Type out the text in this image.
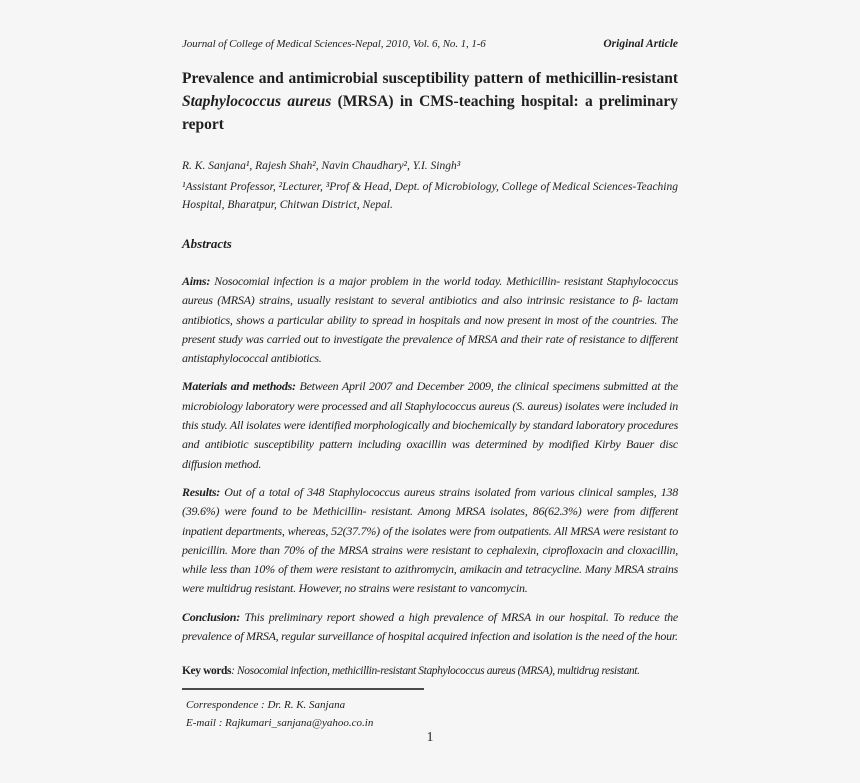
Journal of College of Medical Sciences-Nepal, 2010, Vol. 6, No. 1, 1-6	Original Article
Prevalence and antimicrobial susceptibility pattern of methicillin-resistant
Staphylococcus aureus (MRSA) in CMS-teaching hospital: a preliminary report
R. K. Sanjana¹, Rajesh Shah², Navin Chaudhary², Y.I. Singh³
¹Assistant Professor, ²Lecturer, ³Prof & Head, Dept. of Microbiology, College of Medical Sciences-Teaching Hospital, Bharatpur, Chitwan District, Nepal.
Abstracts

Aims: Nosocomial infection is a major problem in the world today. Methicillin- resistant Staphylococcus aureus (MRSA) strains, usually resistant to several antibiotics and also intrinsic resistance to β- lactam antibiotics, shows a particular ability to spread in hospitals and now present in most of the countries. The present study was carried out to investigate the prevalence of MRSA and their rate of resistance to different antistaphylococcal antibiotics.

Materials and methods: Between April 2007 and December 2009, the clinical specimens submitted at the microbiology laboratory were processed and all Staphylococcus aureus (S. aureus) isolates were included in this study. All isolates were identified morphologically and biochemically by standard laboratory procedures and antibiotic susceptibility pattern including oxacillin was determined by modified Kirby Bauer disc diffusion method.

Results: Out of a total of 348 Staphylococcus aureus strains isolated from various clinical samples, 138 (39.6%) were found to be Methicillin- resistant. Among MRSA isolates, 86(62.3%) were from different inpatient departments, whereas, 52(37.7%) of the isolates were from outpatients. All MRSA were resistant to penicillin. More than 70% of the MRSA strains were resistant to cephalexin, ciprofloxacin and cloxacillin, while less than 10% of them were resistant to azithromycin, amikacin and tetracycline. Many MRSA strains were multidrug resistant. However, no strains were resistant to vancomycin.

Conclusion: This preliminary report showed a high prevalence of MRSA in our hospital. To reduce the prevalence of MRSA, regular surveillance of hospital acquired infection and isolation is the need of the hour.

Key words: Nosocomial infection, methicillin-resistant Staphylococcus aureus (MRSA), multidrug resistant.

Correspondence : Dr. R. K. Sanjana
E-mail : Rajkumari_sanjana@yahoo.co.in
1
